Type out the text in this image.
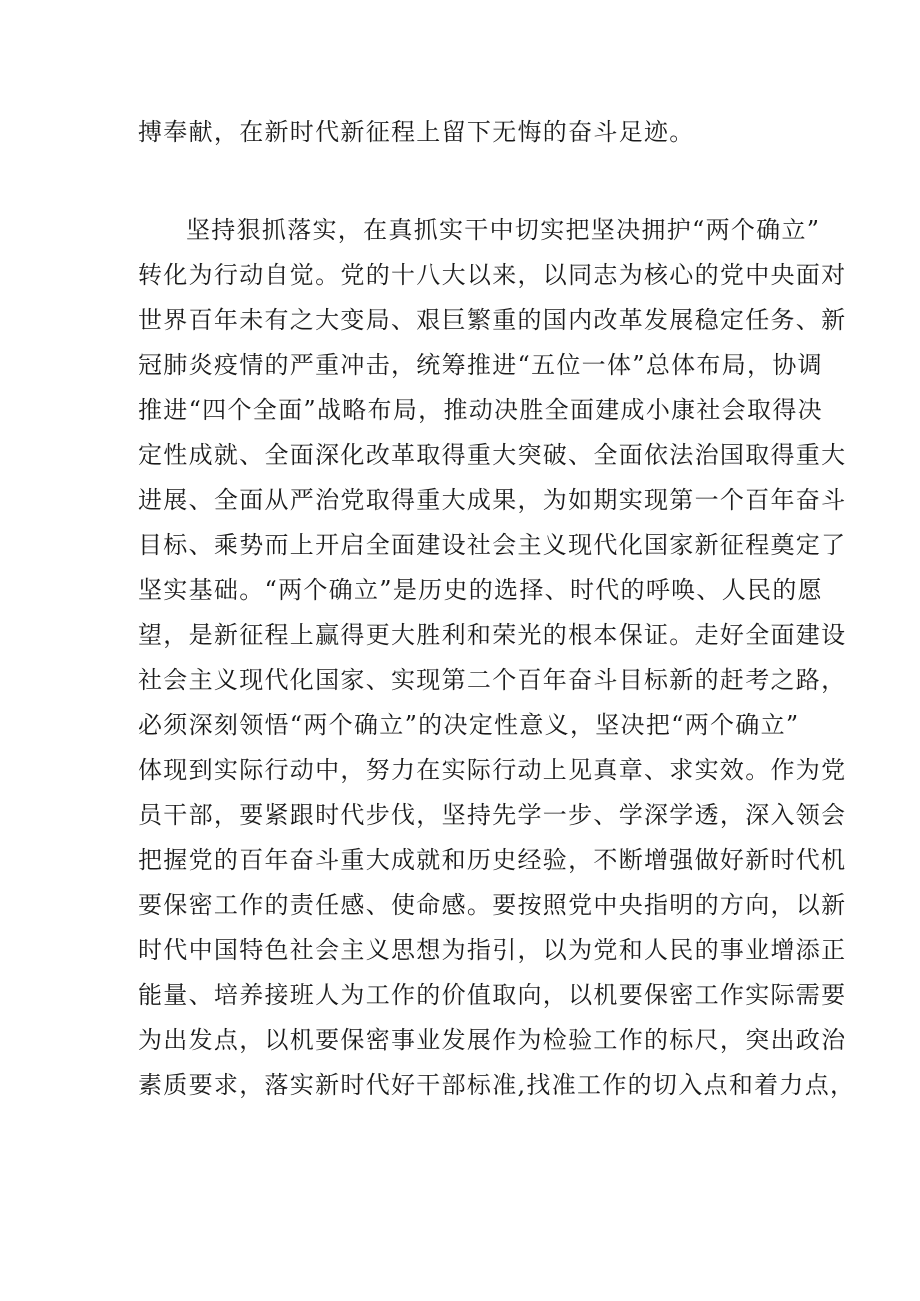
搏奉献，在新时代新征程上留下无悔的奋斗足迹。
坚持狠抓落实，在真抓实干中切实把坚决拥护“两个确立”
转化为行动自觉。党的十八大以来，以同志为核心的党中央面对
世界百年未有之大变局、艰巨繁重的国内改革发展稳定任务、新
冠肺炎疫情的严重冲击，统筹推进“五位一体”总体布局，协调
推进“四个全面”战略布局，推动决胜全面建成小康社会取得决
定性成就、全面深化改革取得重大突破、全面依法治国取得重大
进展、全面从严治党取得重大成果，为如期实现第一个百年奋斗
目标、乘势而上开启全面建设社会主义现代化国家新征程奠定了
坚实基础。“两个确立”是历史的选择、时代的呼唤、人民的愿
望，是新征程上赢得更大胜利和荣光的根本保证。走好全面建设
社会主义现代化国家、实现第二个百年奋斗目标新的赶考之路，
必须深刻领悟“两个确立”的决定性意义，坚决把“两个确立”
体现到实际行动中，努力在实际行动上见真章、求实效。作为党
员干部，要紧跟时代步伐，坚持先学一步、学深学透，深入领会
把握党的百年奋斗重大成就和历史经验，不断增强做好新时代机
要保密工作的责任感、使命感。要按照党中央指明的方向，以新
时代中国特色社会主义思想为指引，以为党和人民的事业增添正
能量、培养接班人为工作的价值取向，以机要保密工作实际需要
为出发点，以机要保密事业发展作为检验工作的标尺，突出政治
素质要求，落实新时代好干部标准,找准工作的切入点和着力点，
